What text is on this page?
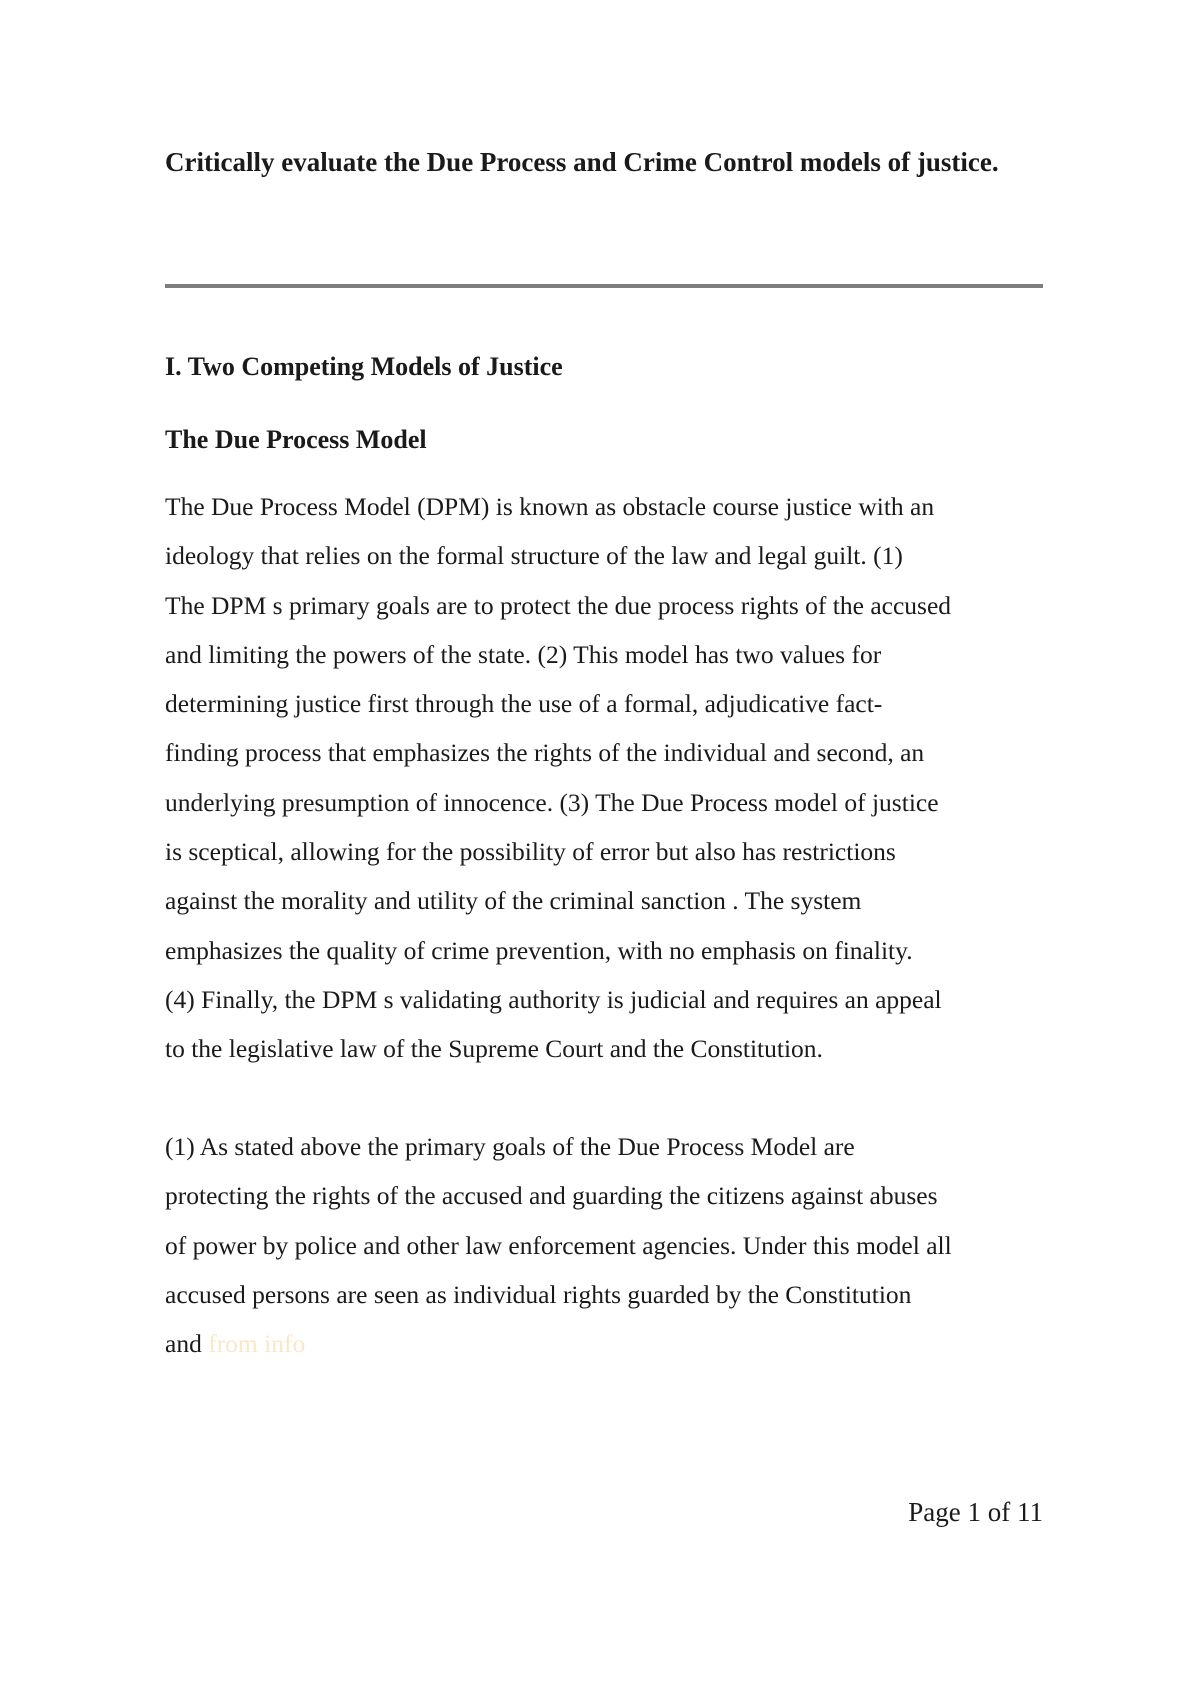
Critically evaluate the Due Process and Crime Control models of justice.
I. Two Competing Models of Justice
The Due Process Model

The Due Process Model (DPM) is known as obstacle course justice with an
ideology that relies on the formal structure of the law and legal guilt. (1)
The DPM s primary goals are to protect the due process rights of the accused
and limiting the powers of the state. (2) This model has two values for
determining justice first through the use of a formal, adjudicative fact-
finding process that emphasizes the rights of the individual and second, an
underlying presumption of innocence. (3) The Due Process model of justice
is sceptical, allowing for the possibility of error but also has restrictions
against the morality and utility of the criminal sanction . The system
emphasizes the quality of crime prevention, with no emphasis on finality.
(4) Finally, the DPM s validating authority is judicial and requires an appeal
to the legislative law of the Supreme Court and the Constitution.

(1) As stated above the primary goals of the Due Process Model are
protecting the rights of the accused and guarding the citizens against abuses
of power by police and other law enforcement agencies. Under this model all
accused persons are seen as individual rights guarded by the Constitution
and from info

Page 1 of 11
